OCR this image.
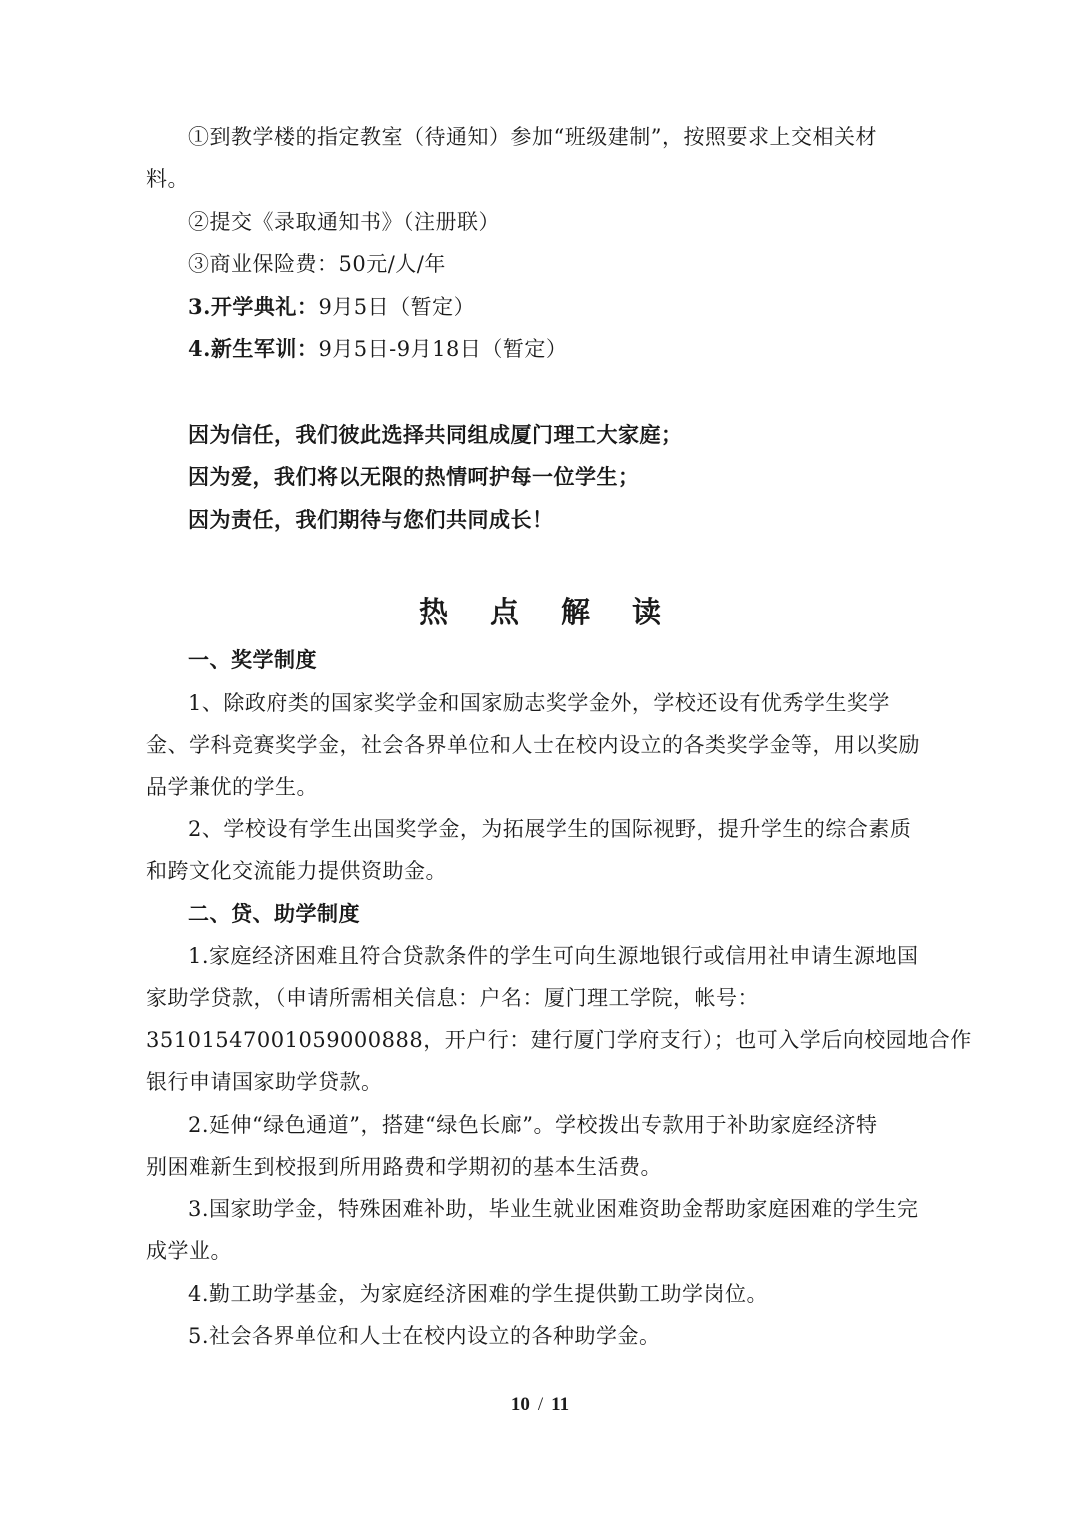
①到教学楼的指定教室（待通知）参加“班级建制”，按照要求上交相关材
料。
②提交《录取通知书》（注册联）
③商业保险费：50元/人/年
3.开学典礼：9月5日（暂定）
4.新生军训：9月5日-9月18日（暂定）
因为信任，我们彼此选择共同组成厦门理工大家庭；
因为爱，我们将以无限的热情呵护每一位学生；
因为责任，我们期待与您们共同成长！
热点解读
一、奖学制度
1、除政府类的国家奖学金和国家励志奖学金外，学校还设有优秀学生奖学
金、学科竞赛奖学金，社会各界单位和人士在校内设立的各类奖学金等，用以奖励
品学兼优的学生。
2、学校设有学生出国奖学金，为拓展学生的国际视野，提升学生的综合素质
和跨文化交流能力提供资助金。
二、贷、助学制度
1.家庭经济困难且符合贷款条件的学生可向生源地银行或信用社申请生源地国
家助学贷款，（申请所需相关信息：户名：厦门理工学院，帐号：
35101547001059000888，开户行：建行厦门学府支行）；也可入学后向校园地合作
银行申请国家助学贷款。
2.延伸“绿色通道”，搭建“绿色长廊”。学校拨出专款用于补助家庭经济特
别困难新生到校报到所用路费和学期初的基本生活费。
3.国家助学金，特殊困难补助，毕业生就业困难资助金帮助家庭困难的学生完
成学业。
4.勤工助学基金，为家庭经济困难的学生提供勤工助学岗位。
5.社会各界单位和人士在校内设立的各种助学金。
10 / 11
